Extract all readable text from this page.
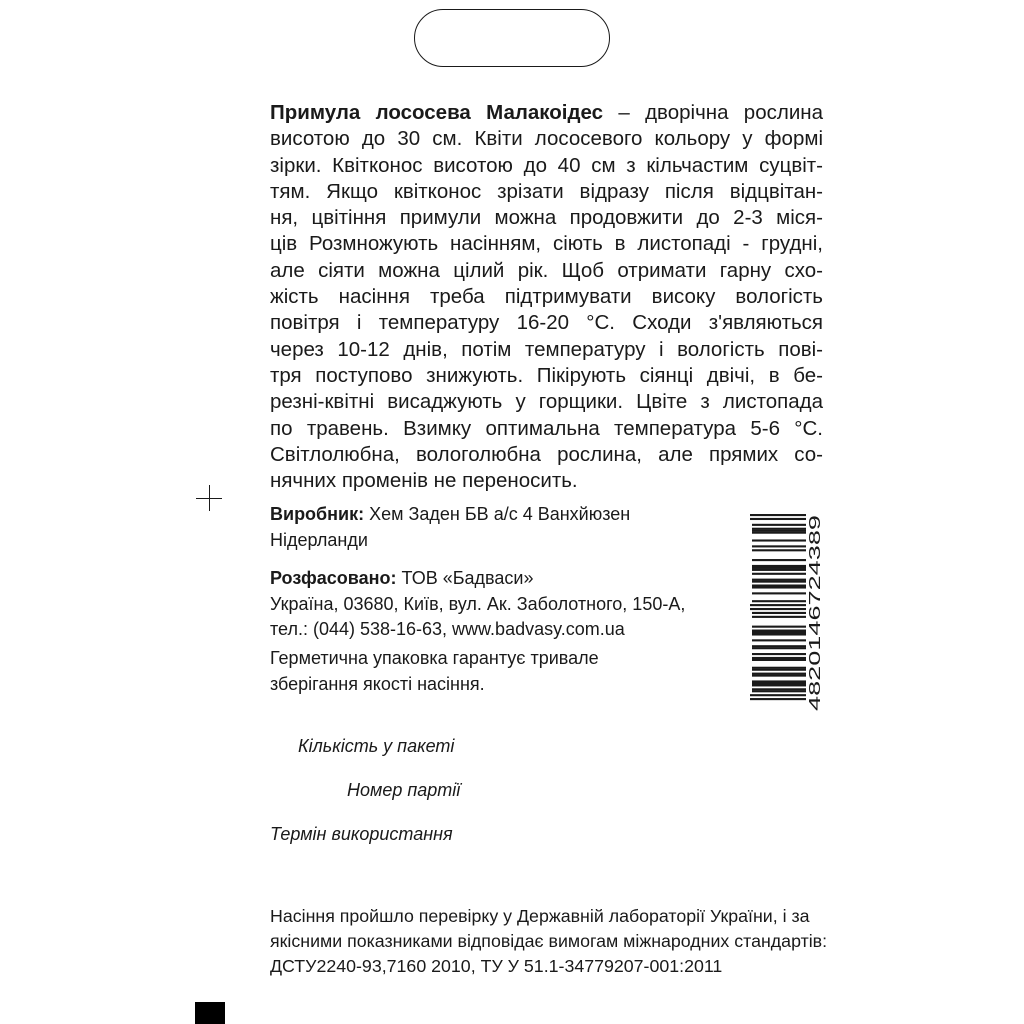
Примула лососева Малакоідес – дворічна рослина
висотою до 30 см. Квіти лососевого кольору у формі
зірки. Квітконос висотою до 40 см з кільчастим суцвіт-
тям. Якщо квітконос зрізати відразу після відцвітан-
ня, цвітіння примули можна продовжити до 2-3 міся-
ців Розмножують насінням, сіють в листопаді - грудні,
але сіяти можна цілий рік. Щоб отримати гарну схо-
жість насіння треба підтримувати високу вологість
повітря і температуру 16-20 °С. Сходи з'являються
через 10-12 днів, потім температуру і вологість пові-
тря поступово знижують. Пікірують сіянці двічі, в бе-
резні-квітні висаджують у горщики. Цвіте з листопада
по травень. Взимку оптимальна температура 5-6 °С.
Світлолюбна, вологолюбна рослина, але прямих со-
нячних променів не переносить.
Виробник: Хем Заден БВ а/с 4 Ванхйюзен
Нідерланди
Розфасовано: ТОВ «Бадваси»
Україна, 03680, Київ, вул. Ак. Заболотного, 150-А,
тел.: (044) 538-16-63, www.badvasy.com.ua
Герметична упаковка гарантує тривале
зберігання якості насіння.	4820146724389
Кількість у пакеті
Номер партії
Термін використання
Насіння пройшло перевірку у Державній лабораторії України, і за
якісними показниками відповідає вимогам міжнародних стандартів:
ДСТУ2240-93,7160 2010, ТУ У 51.1-34779207-001:2011
